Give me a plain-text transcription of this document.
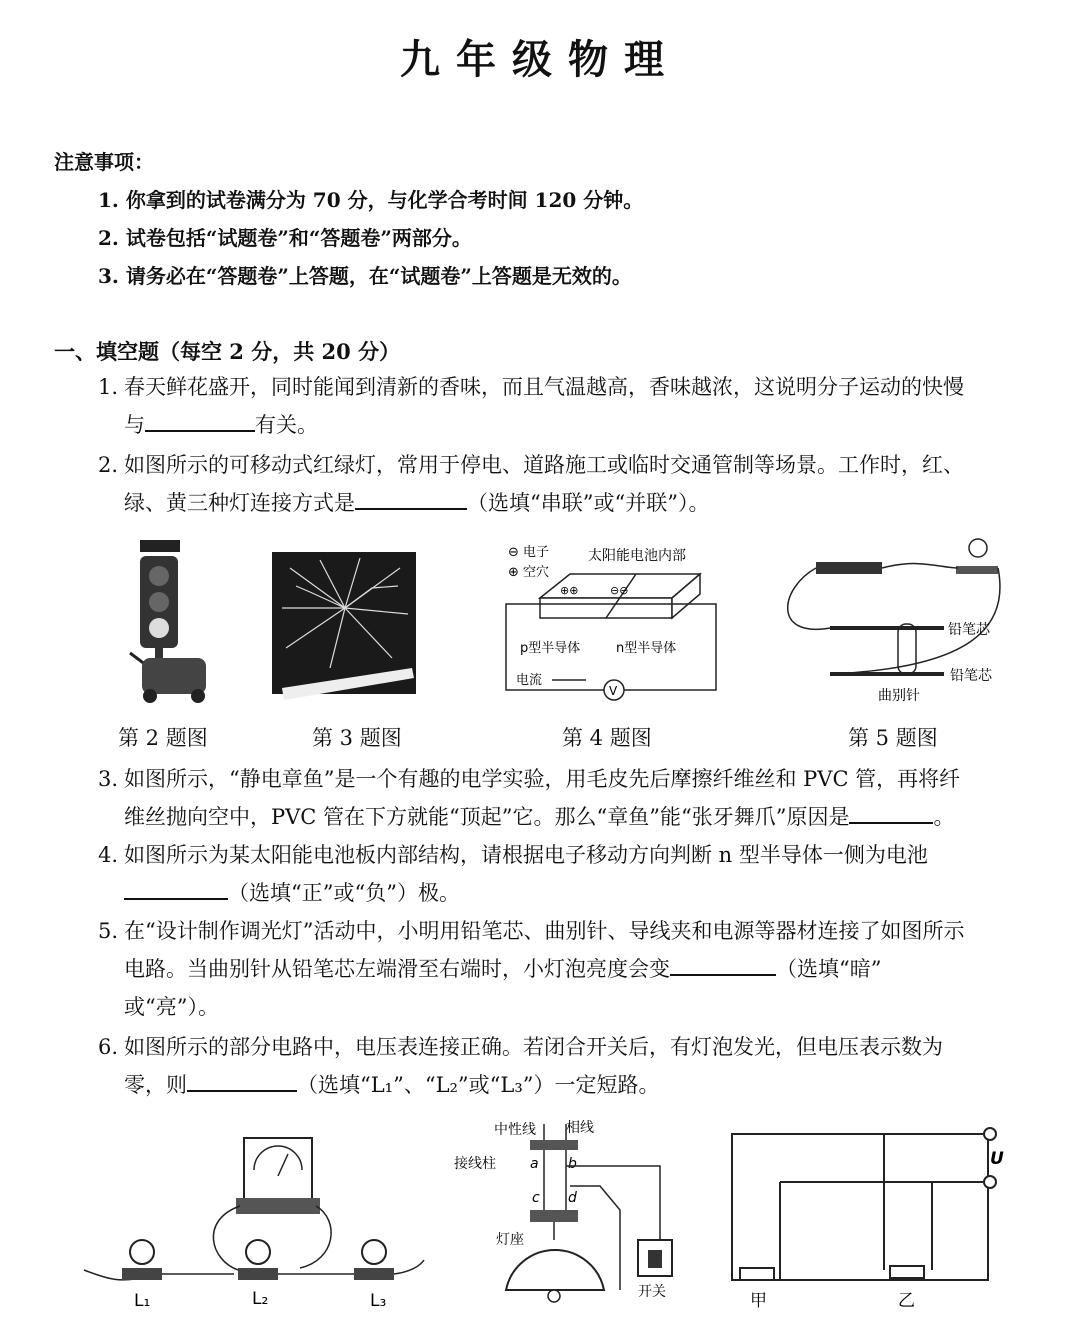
九年级物理
注意事项：
1. 你拿到的试卷满分为 70 分，与化学合考时间 120 分钟。
2. 试卷包括“试题卷”和“答题卷”两部分。
3. 请务必在“答题卷”上答题，在“试题卷”上答题是无效的。
一、填空题（每空 2 分，共 20 分）
1. 春天鲜花盛开，同时能闻到清新的香味，而且气温越高，香味越浓，这说明分子运动的快慢
与	有关。
2. 如图所示的可移动式红绿灯，常用于停电、道路施工或临时交通管制等场景。工作时，红、
绿、黄三种灯连接方式是	（选填“串联”或“并联”）。
⊖ 电子
⊕ 空穴
太阳能电池内部
⊕⊕	⊖⊖
p型半导体	n型半导体
电流
V
铅笔芯
铅笔芯
曲别针
第 2 题图	第 3 题图	第 4 题图	第 5 题图
3. 如图所示，“静电章鱼”是一个有趣的电学实验，用毛皮先后摩擦纤维丝和 PVC 管，再将纤
维丝抛向空中，PVC 管在下方就能“顶起”它。那么“章鱼”能“张牙舞爪”原因是	。
4. 如图所示为某太阳能电池板内部结构，请根据电子移动方向判断 n 型半导体一侧为电池
（选填“正”或“负”）极。
5. 在“设计制作调光灯”活动中，小明用铅笔芯、曲别针、导线夹和电源等器材连接了如图所示
电路。当曲别针从铅笔芯左端滑至右端时，小灯泡亮度会变	（选填“暗”
或“亮”）。
6. 如图所示的部分电路中，电压表连接正确。若闭合开关后，有灯泡发光，但电压表示数为
零，则	（选填“L₁”、“L₂”或“L₃”）一定短路。
L₁	L₂	L₃
中性线 相线
接线柱 a b
c d
灯座
开关
U
甲	乙
